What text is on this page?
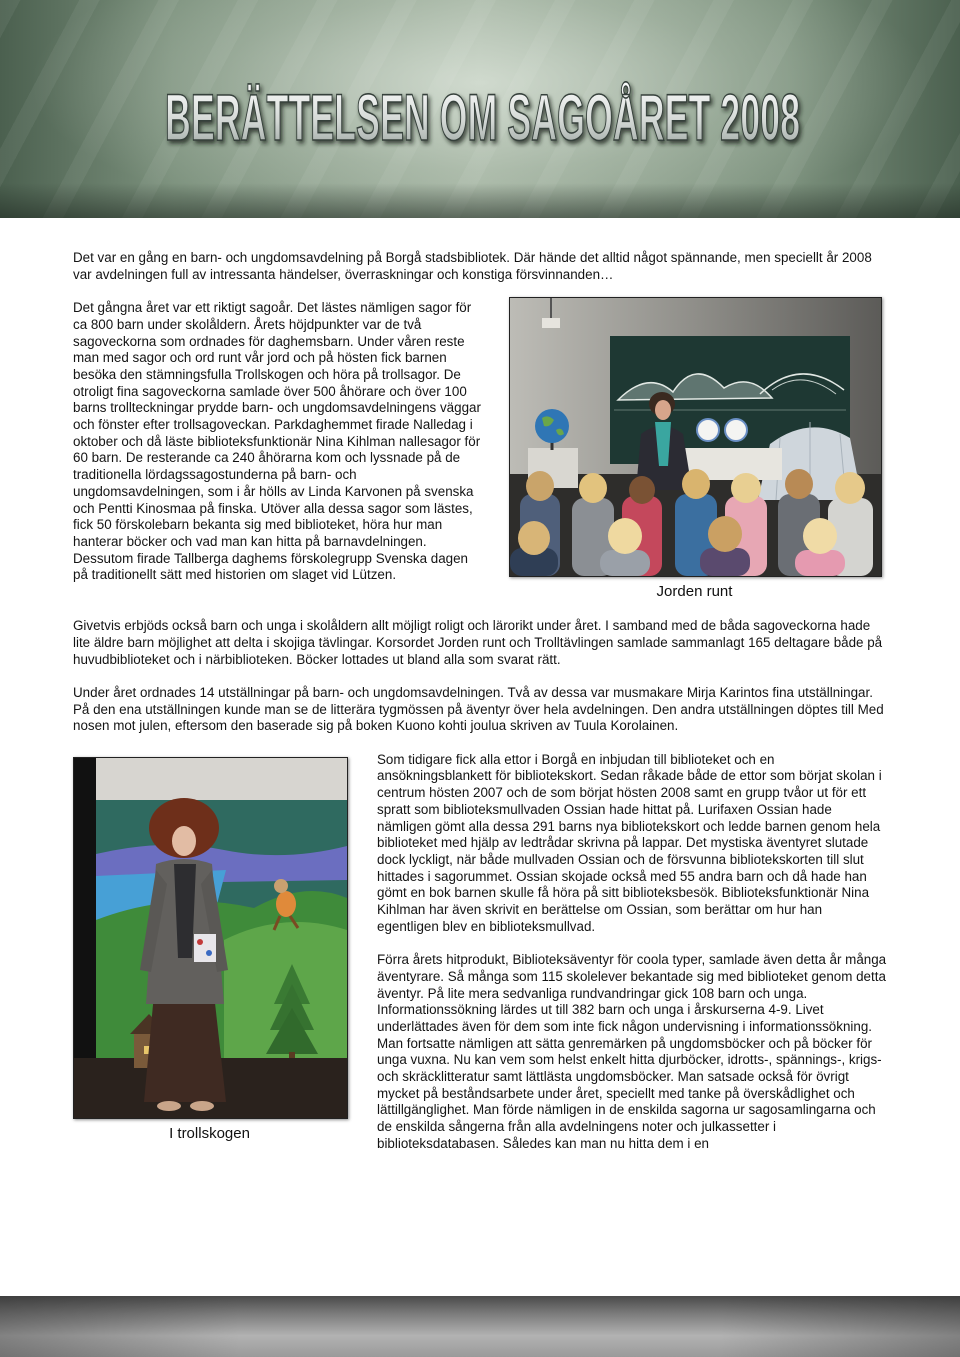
BERÄTTELSEN OM SAGOÅRET 2008

Det var en gång en barn- och ungdomsavdelning på Borgå stadsbibliotek. Där hände det alltid något spännande, men speciellt år 2008 var avdelningen full av intressanta händelser, överraskningar och konstiga försvinnanden…

Det gångna året var ett riktigt sagoår. Det lästes nämligen sagor för ca 800 barn under skolåldern. Årets höjdpunkter var de två sagoveckorna som ordnades för daghemsbarn. Under våren reste man med sagor och ord runt vår jord och på hösten fick barnen besöka den stämningsfulla Trollskogen och höra på trollsagor. De otroligt fina sagoveckorna samlade över 500 åhörare och över 100 barns trollteckningar prydde barn- och ungdomsavdelningens väggar och fönster efter trollsagoveckan. Parkdaghemmet firade Nalledag i oktober och då läste biblioteksfunktionär Nina Kihlman nallesagor för 60 barn. De resterande ca 240 åhörarna kom och lyssnade på de traditionella lördagssagostunderna på barn- och ungdomsavdelningen, som i år hölls av Linda Karvonen på svenska och Pentti Kinosmaa på finska. Utöver alla dessa sagor som lästes, fick 50 förskolebarn bekanta sig med biblioteket, höra hur man hanterar böcker och vad man kan hitta på barnavdelningen. Dessutom firade Tallberga daghems förskolegrupp Svenska dagen på traditionellt sätt med historien om slaget vid Lützen.

Jorden runt

Givetvis erbjöds också barn och unga i skolåldern allt möjligt roligt och lärorikt under året. I samband med de båda sagoveckorna hade lite äldre barn möjlighet att delta i skojiga tävlingar. Korsordet Jorden runt och Trolltävlingen samlade sammanlagt 165 deltagare både på huvudbiblioteket och i närbiblioteken. Böcker lottades ut bland alla som svarat rätt.

Under året ordnades 14 utställningar på barn- och ungdomsavdelningen. Två av dessa var musmakare Mirja Karintos fina utställningar. På den ena utställningen kunde man se de litterära tygmössen på äventyr över hela avdelningen. Den andra utställningen döptes till Med nosen mot julen, eftersom den baserade sig på boken Kuono kohti joulua skriven av Tuula Korolainen.

I trollskogen

Som tidigare fick alla ettor i Borgå en inbjudan till biblioteket och en ansökningsblankett för bibliotekskort. Sedan råkade både de ettor som börjat skolan i centrum hösten 2007 och de som börjat hösten 2008 samt en grupp tvåor ut för ett spratt som biblioteksmullvaden Ossian hade hittat på. Lurifaxen Ossian hade nämligen gömt alla dessa 291 barns nya bibliotekskort och ledde barnen genom hela biblioteket med hjälp av ledtrådar skrivna på lappar. Det mystiska äventyret slutade dock lyckligt, när både mullvaden Ossian och de försvunna bibliotekskorten till slut hittades i sagorummet. Ossian skojade också med 55 andra barn och då hade han gömt en bok barnen skulle få höra på sitt biblioteksbesök. Biblioteksfunktionär Nina Kihlman har även skrivit en berättelse om Ossian, som berättar om hur han egentligen blev en biblioteksmullvad.

Förra årets hitprodukt, Biblioteksäventyr för coola typer, samlade även detta år många äventyrare. Så många som 115 skolelever bekantade sig med biblioteket genom detta äventyr. På lite mera sedvanliga rundvandringar gick 108 barn och unga. Informationssökning lärdes ut till 382 barn och unga i årskurserna 4-9. Livet underlättades även för dem som inte fick någon undervisning i informationssökning. Man fortsatte nämligen att sätta genremärken på ungdomsböcker och på böcker för unga vuxna. Nu kan vem som helst enkelt hitta djurböcker, idrotts-, spännings-, krigs- och skräcklitteratur samt lättlästa ungdomsböcker. Man satsade också för övrigt mycket på beståndsarbete under året, speciellt med tanke på överskådlighet och lättillgänglighet. Man förde nämligen in de enskilda sagorna ur sagosamlingarna och de enskilda sångerna från alla avdelningens noter och julkassetter i biblioteksdatabasen. Således kan man nu hitta dem i en
